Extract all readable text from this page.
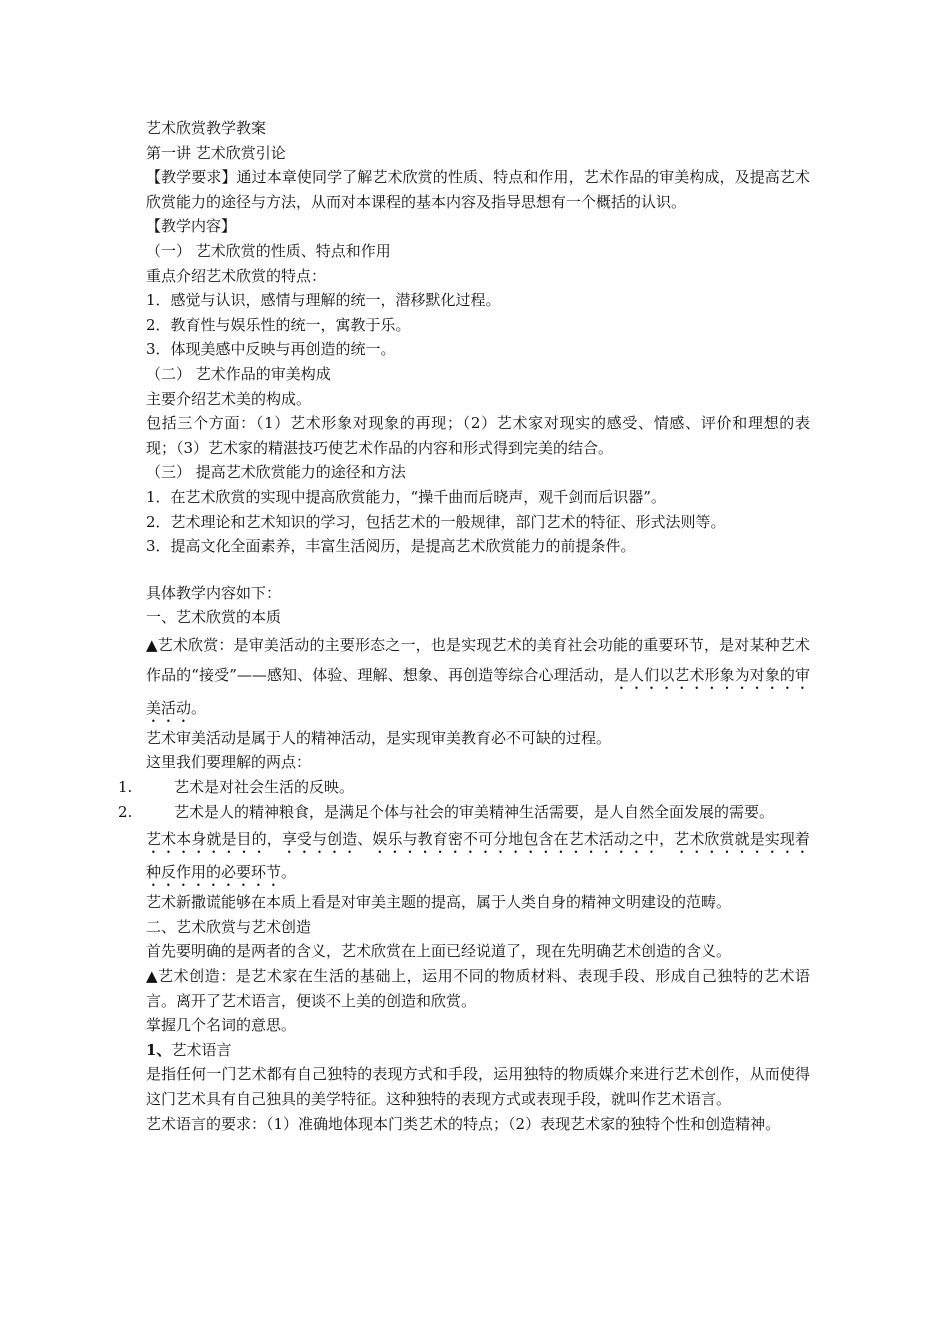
艺术欣赏教学教案

第一讲 艺术欣赏引论

【教学要求】通过本章使同学了解艺术欣赏的性质、特点和作用，艺术作品的审美构成，及提高艺术欣赏能力的途径与方法，从而对本课程的基本内容及指导思想有一个概括的认识。

【教学内容】

（一） 艺术欣赏的性质、特点和作用

重点介绍艺术欣赏的特点：

1．感觉与认识，感情与理解的统一，潜移默化过程。

2．教育性与娱乐性的统一，寓教于乐。

3．体现美感中反映与再创造的统一。

（二） 艺术作品的审美构成

主要介绍艺术美的构成。

包括三个方面：（1）艺术形象对现象的再现；（2）艺术家对现实的感受、情感、评价和理想的表现；（3）艺术家的精湛技巧使艺术作品的内容和形式得到完美的结合。

（三） 提高艺术欣赏能力的途径和方法

1．在艺术欣赏的实现中提高欣赏能力，“操千曲而后晓声，观千剑而后识器”。

2．艺术理论和艺术知识的学习，包括艺术的一般规律，部门艺术的特征、形式法则等。

3．提高文化全面素养，丰富生活阅历，是提高艺术欣赏能力的前提条件。

具体教学内容如下：

一、艺术欣赏的本质

▲艺术欣赏：是审美活动的主要形态之一，也是实现艺术的美育社会功能的重要环节，是对某种艺术作品的“接受”——感知、体验、理解、想象、再创造等综合心理活动，是人们以艺术形象为对象的审美活动。

艺术审美活动是属于人的精神活动，是实现审美教育必不可缺的过程。

这里我们要理解的两点：

1.	艺术是对社会生活的反映。

2.	艺术是人的精神粮食，是满足个体与社会的审美精神生活需要，是人自然全面发展的需要。

艺术本身就是目的，享受与创造、娱乐与教育密不可分地包含在艺术活动之中，艺术欣赏就是实现着种反作用的必要环节。

艺术新撒谎能够在本质上看是对审美主题的提高，属于人类自身的精神文明建设的范畴。

二、艺术欣赏与艺术创造

首先要明确的是两者的含义，艺术欣赏在上面已经说道了，现在先明确艺术创造的含义。

▲艺术创造：是艺术家在生活的基础上，运用不同的物质材料、表现手段、形成自己独特的艺术语言。离开了艺术语言，便谈不上美的创造和欣赏。

掌握几个名词的意思。

1、艺术语言

是指任何一门艺术都有自己独特的表现方式和手段，运用独特的物质媒介来进行艺术创作，从而使得这门艺术具有自己独具的美学特征。这种独特的表现方式或表现手段，就叫作艺术语言。

艺术语言的要求：（1）准确地体现本门类艺术的特点；（2）表现艺术家的独特个性和创造精神。
